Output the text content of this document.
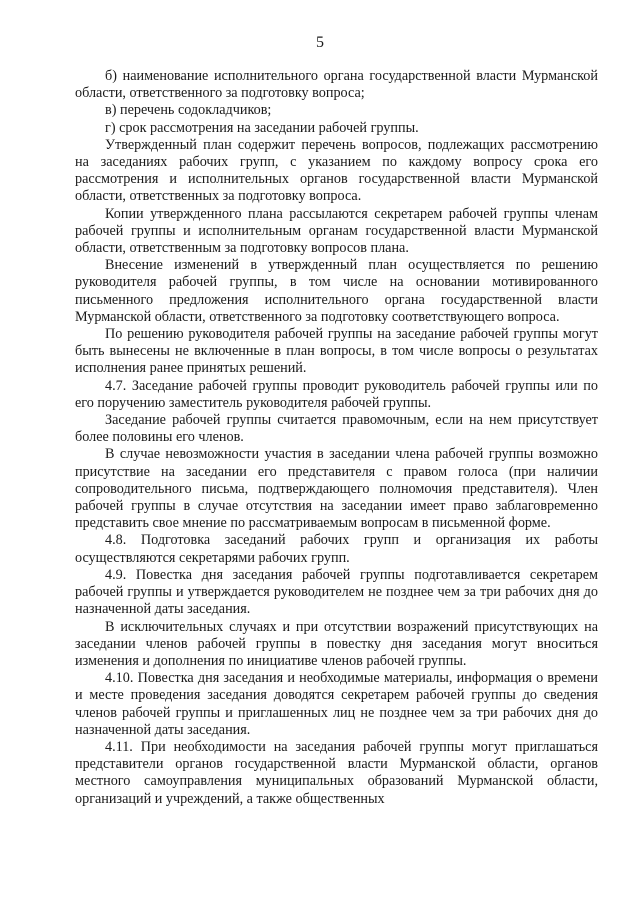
5

б) наименование исполнительного органа государственной власти Мурманской области, ответственного за подготовку вопроса;

в) перечень содокладчиков;

г) срок рассмотрения на заседании рабочей группы.

Утвержденный план содержит перечень вопросов, подлежащих рассмотрению на заседаниях рабочих групп, с указанием по каждому вопросу срока его рассмотрения и исполнительных органов государственной власти Мурманской области, ответственных за подготовку вопроса.

Копии утвержденного плана рассылаются секретарем рабочей группы членам рабочей группы и исполнительным органам государственной власти Мурманской области, ответственным за подготовку вопросов плана.

Внесение изменений в утвержденный план осуществляется по решению руководителя рабочей группы, в том числе на основании мотивированного письменного предложения исполнительного органа государственной власти Мурманской области, ответственного за подготовку соответствующего вопроса.

По решению руководителя рабочей группы на заседание рабочей группы могут быть вынесены не включенные в план вопросы, в том числе вопросы о результатах исполнения ранее принятых решений.

4.7. Заседание рабочей группы проводит руководитель рабочей группы или по его поручению заместитель руководителя рабочей группы.

Заседание рабочей группы считается правомочным, если на нем присутствует более половины его членов.

В случае невозможности участия в заседании члена рабочей группы возможно присутствие на заседании его представителя с правом голоса (при наличии сопроводительного письма, подтверждающего полномочия представителя). Член рабочей группы в случае отсутствия на заседании имеет право заблаговременно представить свое мнение по рассматриваемым вопросам в письменной форме.

4.8. Подготовка заседаний рабочих групп и организация их работы осуществляются секретарями рабочих групп.

4.9. Повестка дня заседания рабочей группы подготавливается секретарем рабочей группы и утверждается руководителем не позднее чем за три рабочих дня до назначенной даты заседания.

В исключительных случаях и при отсутствии возражений присутствующих на заседании членов рабочей группы в повестку дня заседания могут вноситься изменения и дополнения по инициативе членов рабочей группы.

4.10. Повестка дня заседания и необходимые материалы, информация о времени и месте проведения заседания доводятся секретарем рабочей группы до сведения членов рабочей группы и приглашенных лиц не позднее чем за три рабочих дня до назначенной даты заседания.

4.11. При необходимости на заседания рабочей группы могут приглашаться представители органов государственной власти Мурманской области, органов местного самоуправления муниципальных образований Мурманской области, организаций и учреждений, а также общественных
